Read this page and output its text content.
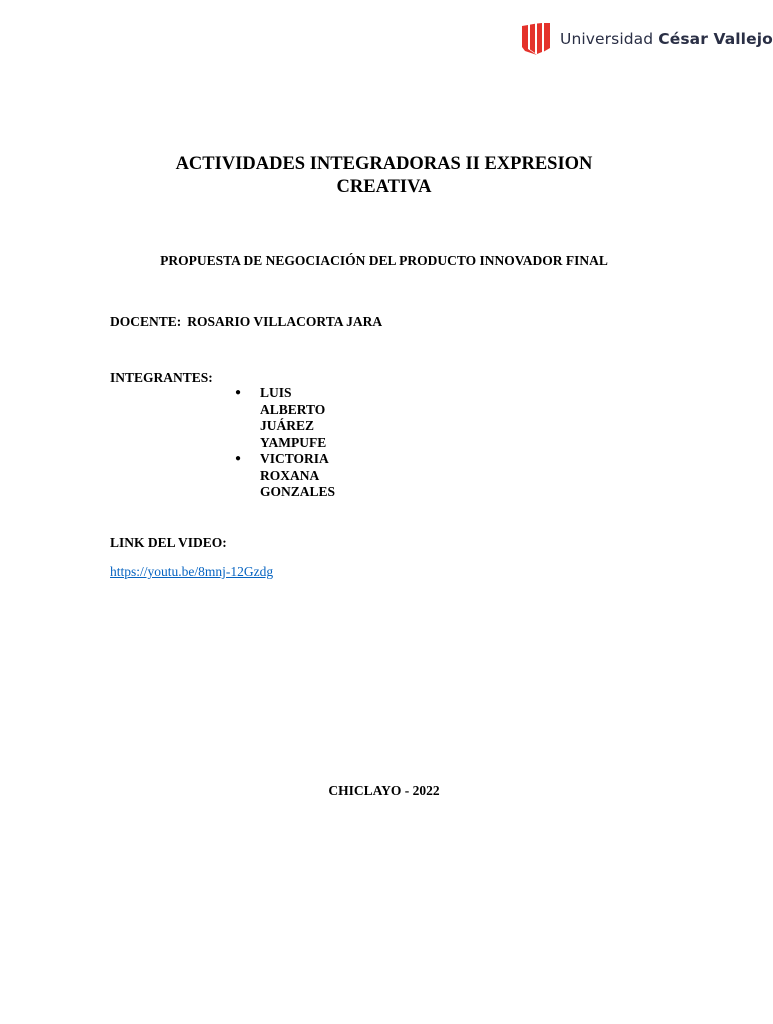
Universidad César Vallejo
ACTIVIDADES INTEGRADORAS II EXPRESION CREATIVA
PROPUESTA DE NEGOCIACIÓN DEL PRODUCTO INNOVADOR FINAL
DOCENTE: ROSARIO VILLACORTA JARA
INTEGRANTES:
● LUIS ALBERTO JUÁREZ YAMPUFE
● VICTORIA ROXANA GONZALES
LINK DEL VIDEO:
https://youtu.be/8mnj-12Gzdg
CHICLAYO - 2022
